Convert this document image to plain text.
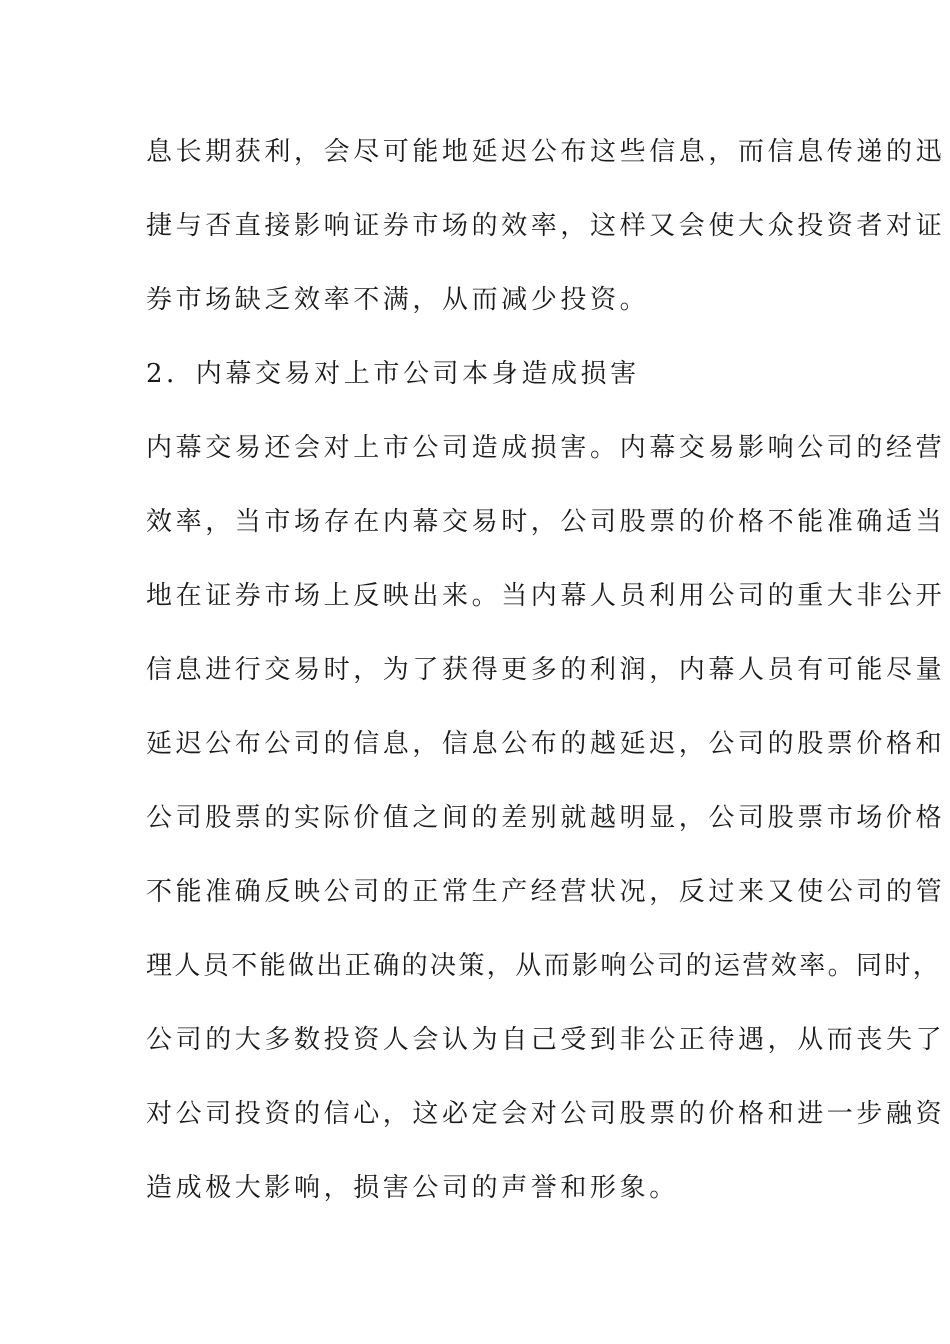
息长期获利，会尽可能地延迟公布这些信息，而信息传递的迅
捷与否直接影响证券市场的效率，这样又会使大众投资者对证
券市场缺乏效率不满，从而减少投资。
2．内幕交易对上市公司本身造成损害
内幕交易还会对上市公司造成损害。内幕交易影响公司的经营
效率，当市场存在内幕交易时，公司股票的价格不能准确适当
地在证券市场上反映出来。当内幕人员利用公司的重大非公开
信息进行交易时，为了获得更多的利润，内幕人员有可能尽量
延迟公布公司的信息，信息公布的越延迟，公司的股票价格和
公司股票的实际价值之间的差别就越明显，公司股票市场价格
不能准确反映公司的正常生产经营状况，反过来又使公司的管
理人员不能做出正确的决策，从而影响公司的运营效率。同时，
公司的大多数投资人会认为自己受到非公正待遇，从而丧失了
对公司投资的信心，这必定会对公司股票的价格和进一步融资
造成极大影响，损害公司的声誉和形象。
